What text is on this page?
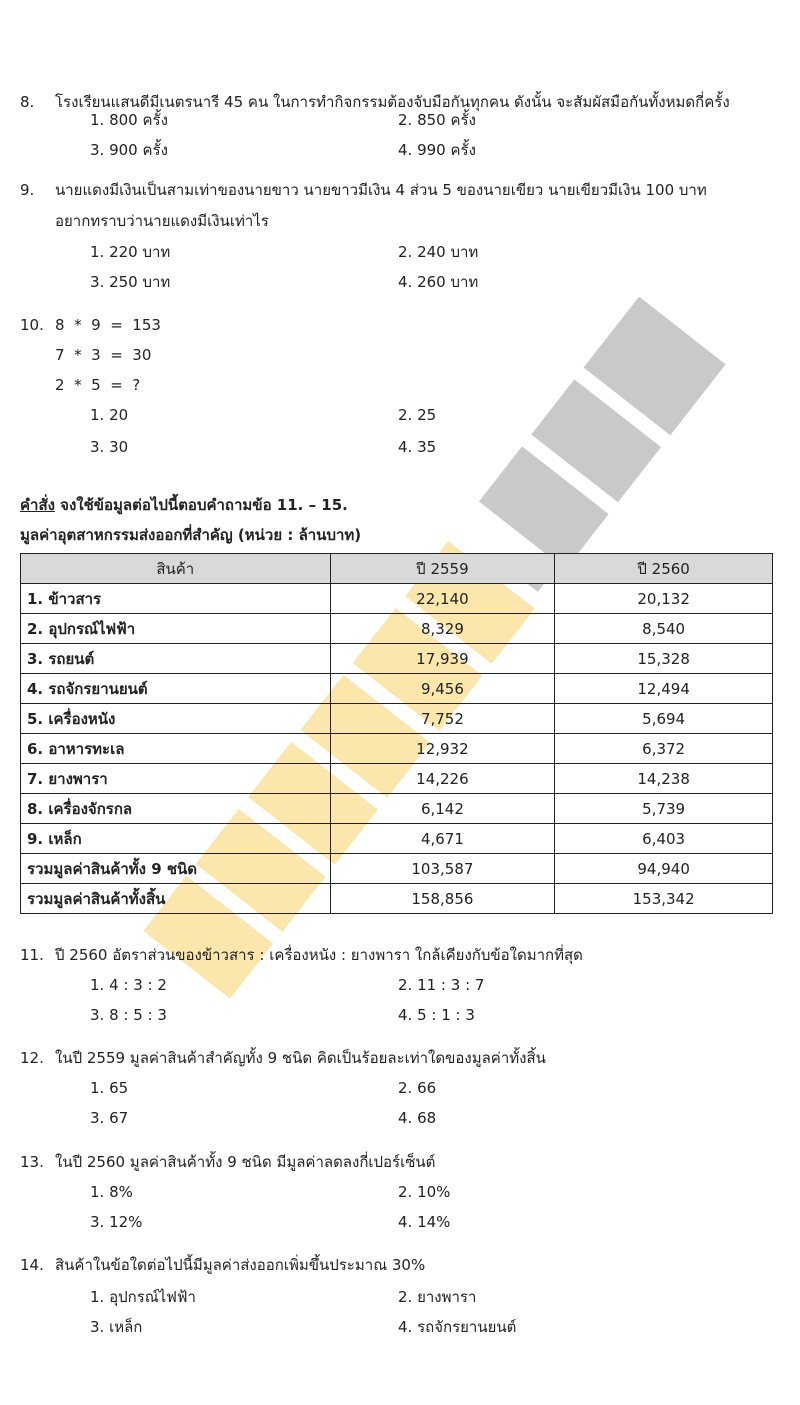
8. โรงเรียนแสนดีมีเนตรนารี 45 คน ในการทำกิจกรรมต้องจับมือกันทุกคน ดังนั้น จะสัมผัสมือกันทั้งหมดกี่ครั้ง
1. 800 ครั้ง	2. 850 ครั้ง
3. 900 ครั้ง	4. 990 ครั้ง
9. นายแดงมีเงินเป็นสามเท่าของนายขาว นายขาวมีเงิน 4 ส่วน 5 ของนายเขียว นายเขียวมีเงิน 100 บาท
อยากทราบว่านายแดงมีเงินเท่าไร
1. 220 บาท	2. 240 บาท
3. 250 บาท	4. 260 บาท
10. 8  *  9  =  153
7  *  3  =  30
2  *  5  =  ?
1. 20	2. 25
3. 30	4. 35
คำสั่ง จงใช้ข้อมูลต่อไปนี้ตอบคำถามข้อ 11. – 15.
มูลค่าอุตสาหกรรมส่งออกที่สำคัญ (หน่วย : ล้านบาท)
สินค้า	ปี 2559	ปี 2560
1. ข้าวสาร	22,140	20,132
2. อุปกรณ์ไฟฟ้า	8,329	8,540
3. รถยนต์	17,939	15,328
4. รถจักรยานยนต์	9,456	12,494
5. เครื่องหนัง	7,752	5,694
6. อาหารทะเล	12,932	6,372
7. ยางพารา	14,226	14,238
8. เครื่องจักรกล	6,142	5,739
9. เหล็ก	4,671	6,403
รวมมูลค่าสินค้าทั้ง 9 ชนิด	103,587	94,940
รวมมูลค่าสินค้าทั้งสิ้น	158,856	153,342
11. ปี 2560 อัตราส่วนของข้าวสาร : เครื่องหนัง : ยางพารา ใกล้เคียงกับข้อใดมากที่สุด
1. 4 : 3 : 2	2. 11 : 3 : 7
3. 8 : 5 : 3	4. 5 : 1 : 3
12. ในปี 2559 มูลค่าสินค้าสำคัญทั้ง 9 ชนิด คิดเป็นร้อยละเท่าใดของมูลค่าทั้งสิ้น
1. 65	2. 66
3. 67	4. 68
13. ในปี 2560 มูลค่าสินค้าทั้ง 9 ชนิด มีมูลค่าลดลงกี่เปอร์เซ็นต์
1. 8%	2. 10%
3. 12%	4. 14%
14. สินค้าในข้อใดต่อไปนี้มีมูลค่าส่งออกเพิ่มขึ้นประมาณ 30%
1. อุปกรณ์ไฟฟ้า	2. ยางพารา
3. เหล็ก	4. รถจักรยานยนต์
